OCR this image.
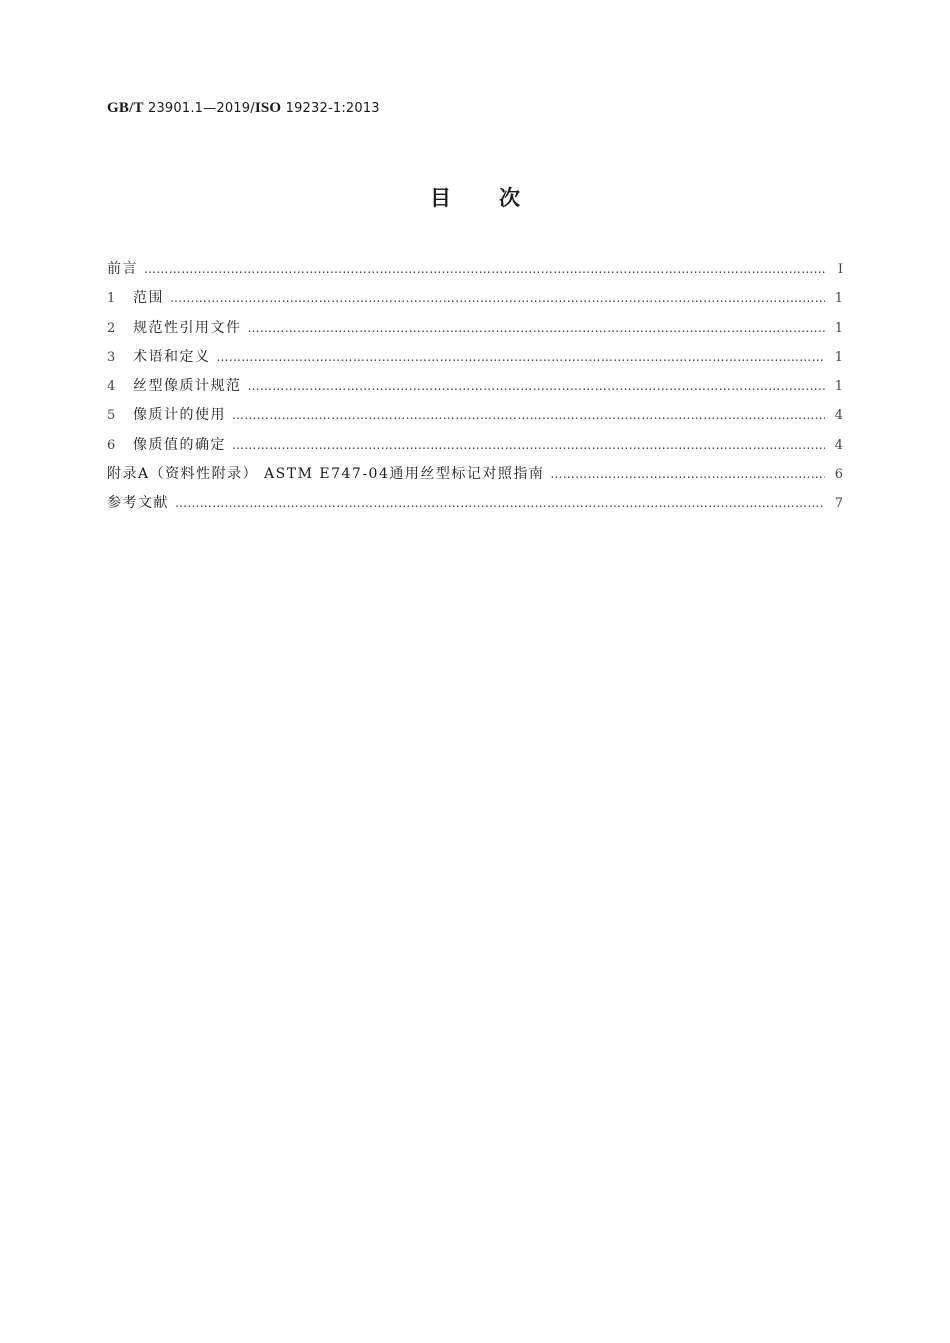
GB/T 23901.1—2019/ISO 19232-1:2013
目次
前言 ……………………………………………………………………………………………………………………………………………………………………………………………………	Ⅰ
1	范围 ……………………………………………………………………………………………………………………………………………………………………………………………………	1
2	规范性引用文件 ……………………………………………………………………………………………………………………………………………………………………………………………………	1
3	术语和定义 ……………………………………………………………………………………………………………………………………………………………………………………………………	1
4	丝型像质计规范 ……………………………………………………………………………………………………………………………………………………………………………………………………	1
5	像质计的使用 ……………………………………………………………………………………………………………………………………………………………………………………………………	4
6	像质值的确定 ……………………………………………………………………………………………………………………………………………………………………………………………………	4
附录A（资料性附录） ASTM E747-04通用丝型标记对照指南 ……………………………………………………………………………………………………………………………………………………………………………………………………	6
参考文献 ……………………………………………………………………………………………………………………………………………………………………………………………………	7
